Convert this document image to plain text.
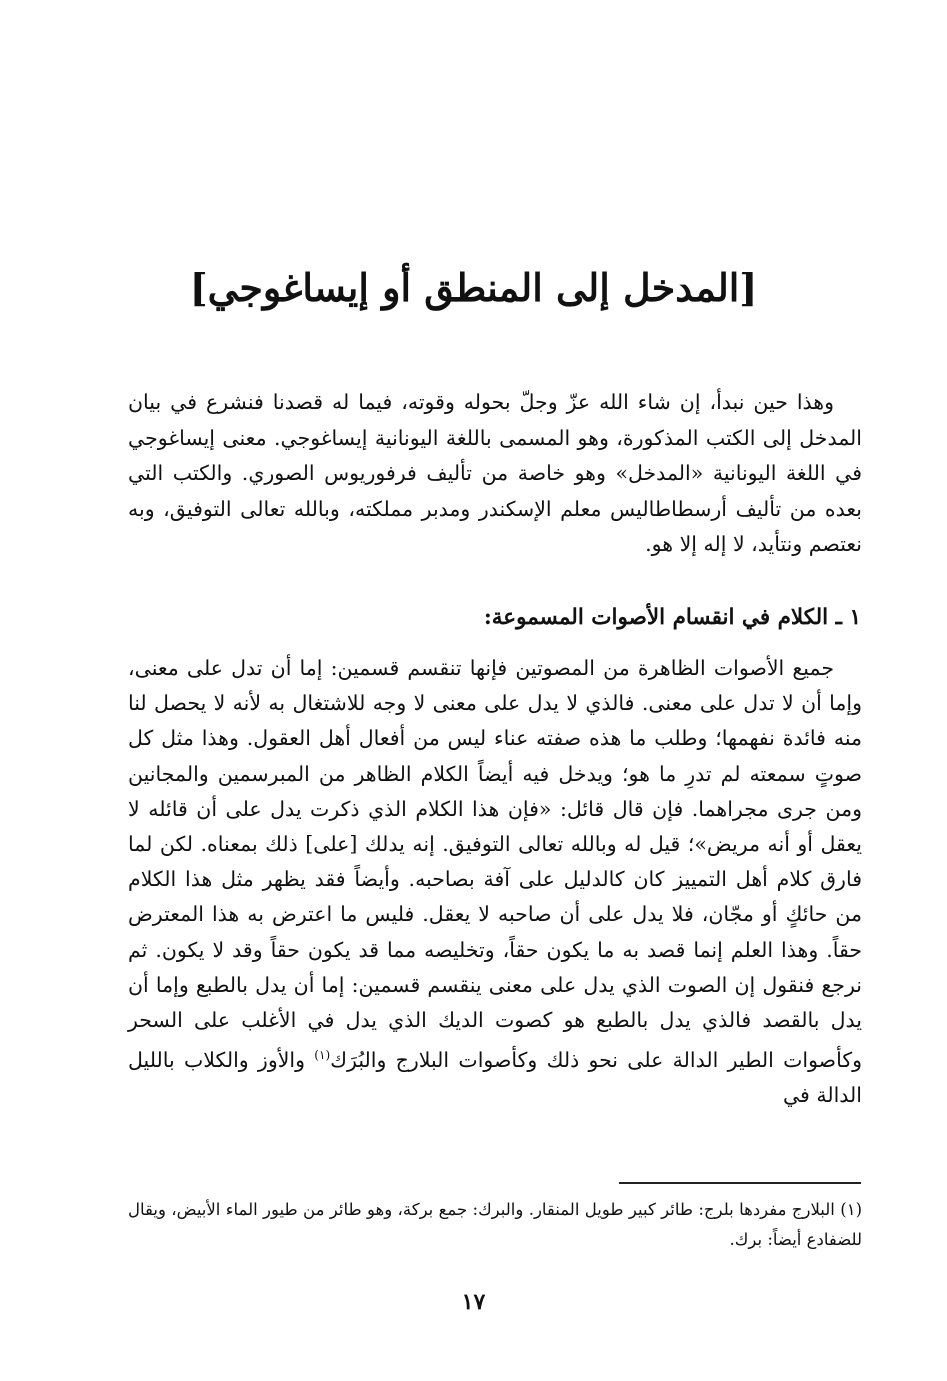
[المدخل إلى المنطق أو إيساغوجي]

وهذا حين نبدأ، إن شاء الله عزّ وجلّ بحوله وقوته، فيما له قصدنا فنشرع في بيان المدخل إلى الكتب المذكورة، وهو المسمى باللغة اليونانية إيساغوجي. معنى إيساغوجي في اللغة اليونانية «المدخل» وهو خاصة من تأليف فرفوريوس الصوري. والكتب التي بعده من تأليف أرسطاطاليس معلم الإسكندر ومدبر مملكته، وبالله تعالى التوفيق، وبه نعتصم ونتأيد، لا إله إلا هو.

١ ـ الكلام في انقسام الأصوات المسموعة:

جميع الأصوات الظاهرة من المصوتين فإنها تنقسم قسمين: إما أن تدل على معنى، وإما أن لا تدل على معنى. فالذي لا يدل على معنى لا وجه للاشتغال به لأنه لا يحصل لنا منه فائدة نفهمها؛ وطلب ما هذه صفته عناء ليس من أفعال أهل العقول. وهذا مثل كل صوتٍ سمعته لم تدرِ ما هو؛ ويدخل فيه أيضاً الكلام الظاهر من المبرسمين والمجانين ومن جرى مجراهما. فإن قال قائل: «فإن هذا الكلام الذي ذكرت يدل على أن قائله لا يعقل أو أنه مريض»؛ قيل له وبالله تعالى التوفيق. إنه يدلك [على] ذلك بمعناه. لكن لما فارق كلام أهل التمييز كان كالدليل على آفة بصاحبه. وأيضاً فقد يظهر مثل هذا الكلام من حائكٍ أو مجّان، فلا يدل على أن صاحبه لا يعقل. فليس ما اعترض به هذا المعترض حقاً. وهذا العلم إنما قصد به ما يكون حقاً، وتخليصه مما قد يكون حقاً وقد لا يكون. ثم نرجع فنقول إن الصوت الذي يدل على معنى ينقسم قسمين: إما أن يدل بالطبع وإما أن يدل بالقصد فالذي يدل بالطبع هو كصوت الديك الذي يدل في الأغلب على السحر وكأصوات الطير الدالة على نحو ذلك وكأصوات البلارج والبُرَك$^{(١)}$ والأوز والكلاب بالليل الدالة في

(١) البلارج مفردها بلرج: طائر كبير طويل المنقار. والبرك: جمع بركة، وهو طائر من طيور الماء الأبيض، ويقال للضفادع أيضاً: برك.
١٧
